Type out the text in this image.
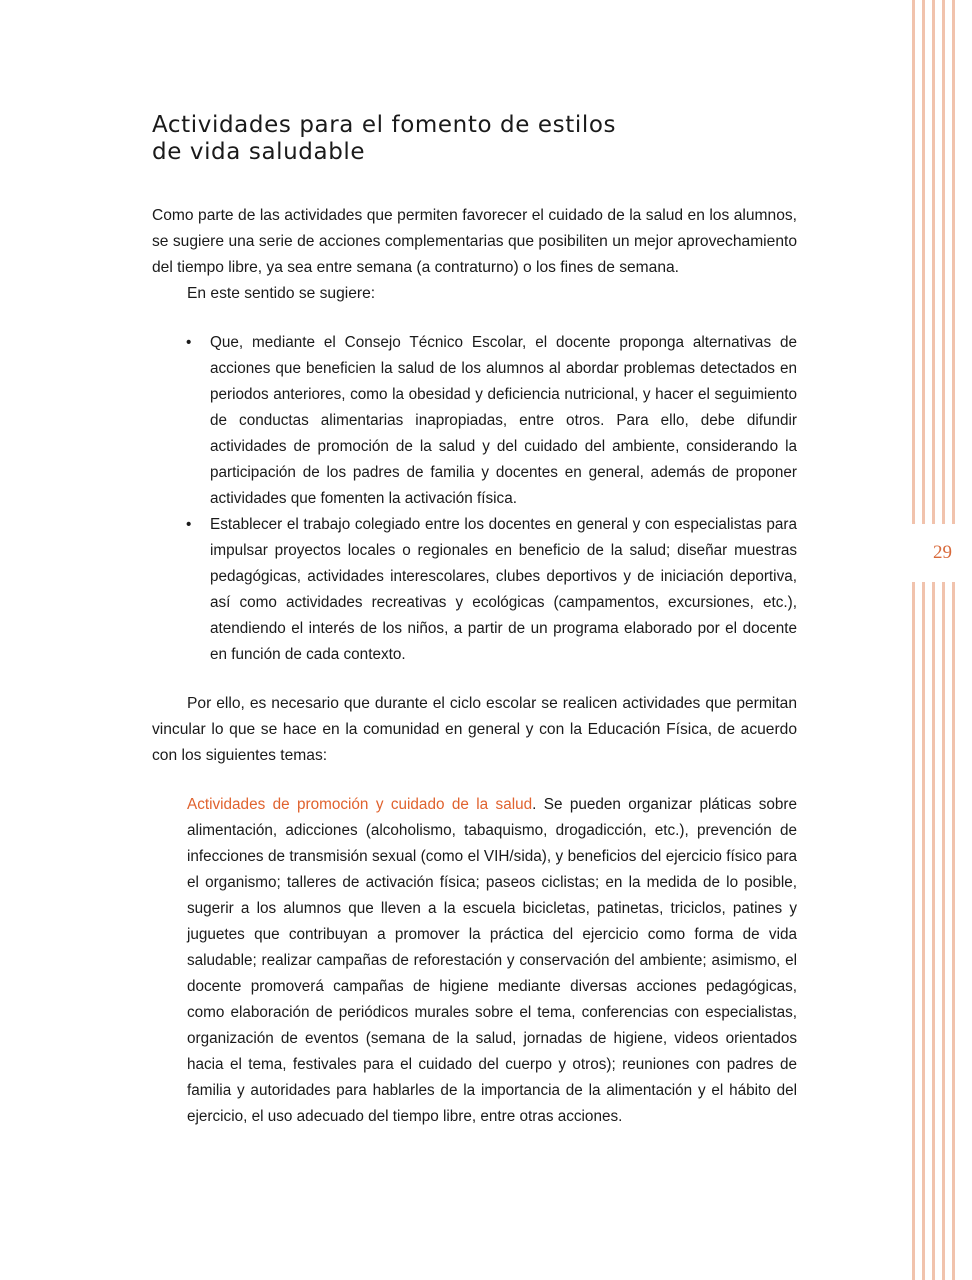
29
Actividades para el fomento de estilos
de vida saludable

Como parte de las actividades que permiten favorecer el cuidado de la salud en los alumnos, se sugiere una serie de acciones complementarias que posibiliten un mejor aprovechamiento del tiempo libre, ya sea entre semana (a contraturno) o los fines de semana.

En este sentido se sugiere:

• Que, mediante el Consejo Técnico Escolar, el docente proponga alternativas de acciones que beneficien la salud de los alumnos al abordar problemas detectados en periodos anteriores, como la obesidad y deficiencia nutricional, y hacer el seguimiento de conductas alimentarias inapropiadas, entre otros. Para ello, debe difundir actividades de promoción de la salud y del cuidado del ambiente, considerando la participación de los padres de familia y docentes en general, además de proponer actividades que fomenten la activación física.
• Establecer el trabajo colegiado entre los docentes en general y con especialistas para impulsar proyectos locales o regionales en beneficio de la salud; diseñar muestras pedagógicas, actividades interescolares, clubes deportivos y de iniciación deportiva, así como actividades recreativas y ecológicas (campamentos, excursiones, etc.), atendiendo el interés de los niños, a partir de un programa elaborado por el docente en función de cada contexto.

Por ello, es necesario que durante el ciclo escolar se realicen actividades que permitan vincular lo que se hace en la comunidad en general y con la Educación Física, de acuerdo con los siguientes temas:

Actividades de promoción y cuidado de la salud. Se pueden organizar pláticas sobre alimentación, adicciones (alcoholismo, tabaquismo, drogadicción, etc.), prevención de infecciones de transmisión sexual (como el VIH/sida), y beneficios del ejercicio físico para el organismo; talleres de activación física; paseos ciclistas; en la medida de lo posible, sugerir a los alumnos que lleven a la escuela bicicletas, patinetas, triciclos, patines y juguetes que contribuyan a promover la práctica del ejercicio como forma de vida saludable; realizar campañas de reforestación y conservación del ambiente; asimismo, el docente promoverá campañas de higiene mediante diversas acciones pedagógicas, como elaboración de periódicos murales sobre el tema, conferencias con especialistas, organización de eventos (semana de la salud, jornadas de higiene, videos orientados hacia el tema, festivales para el cuidado del cuerpo y otros); reuniones con padres de familia y autoridades para hablarles de la importancia de la alimentación y el hábito del ejercicio, el uso adecuado del tiempo libre, entre otras acciones.
